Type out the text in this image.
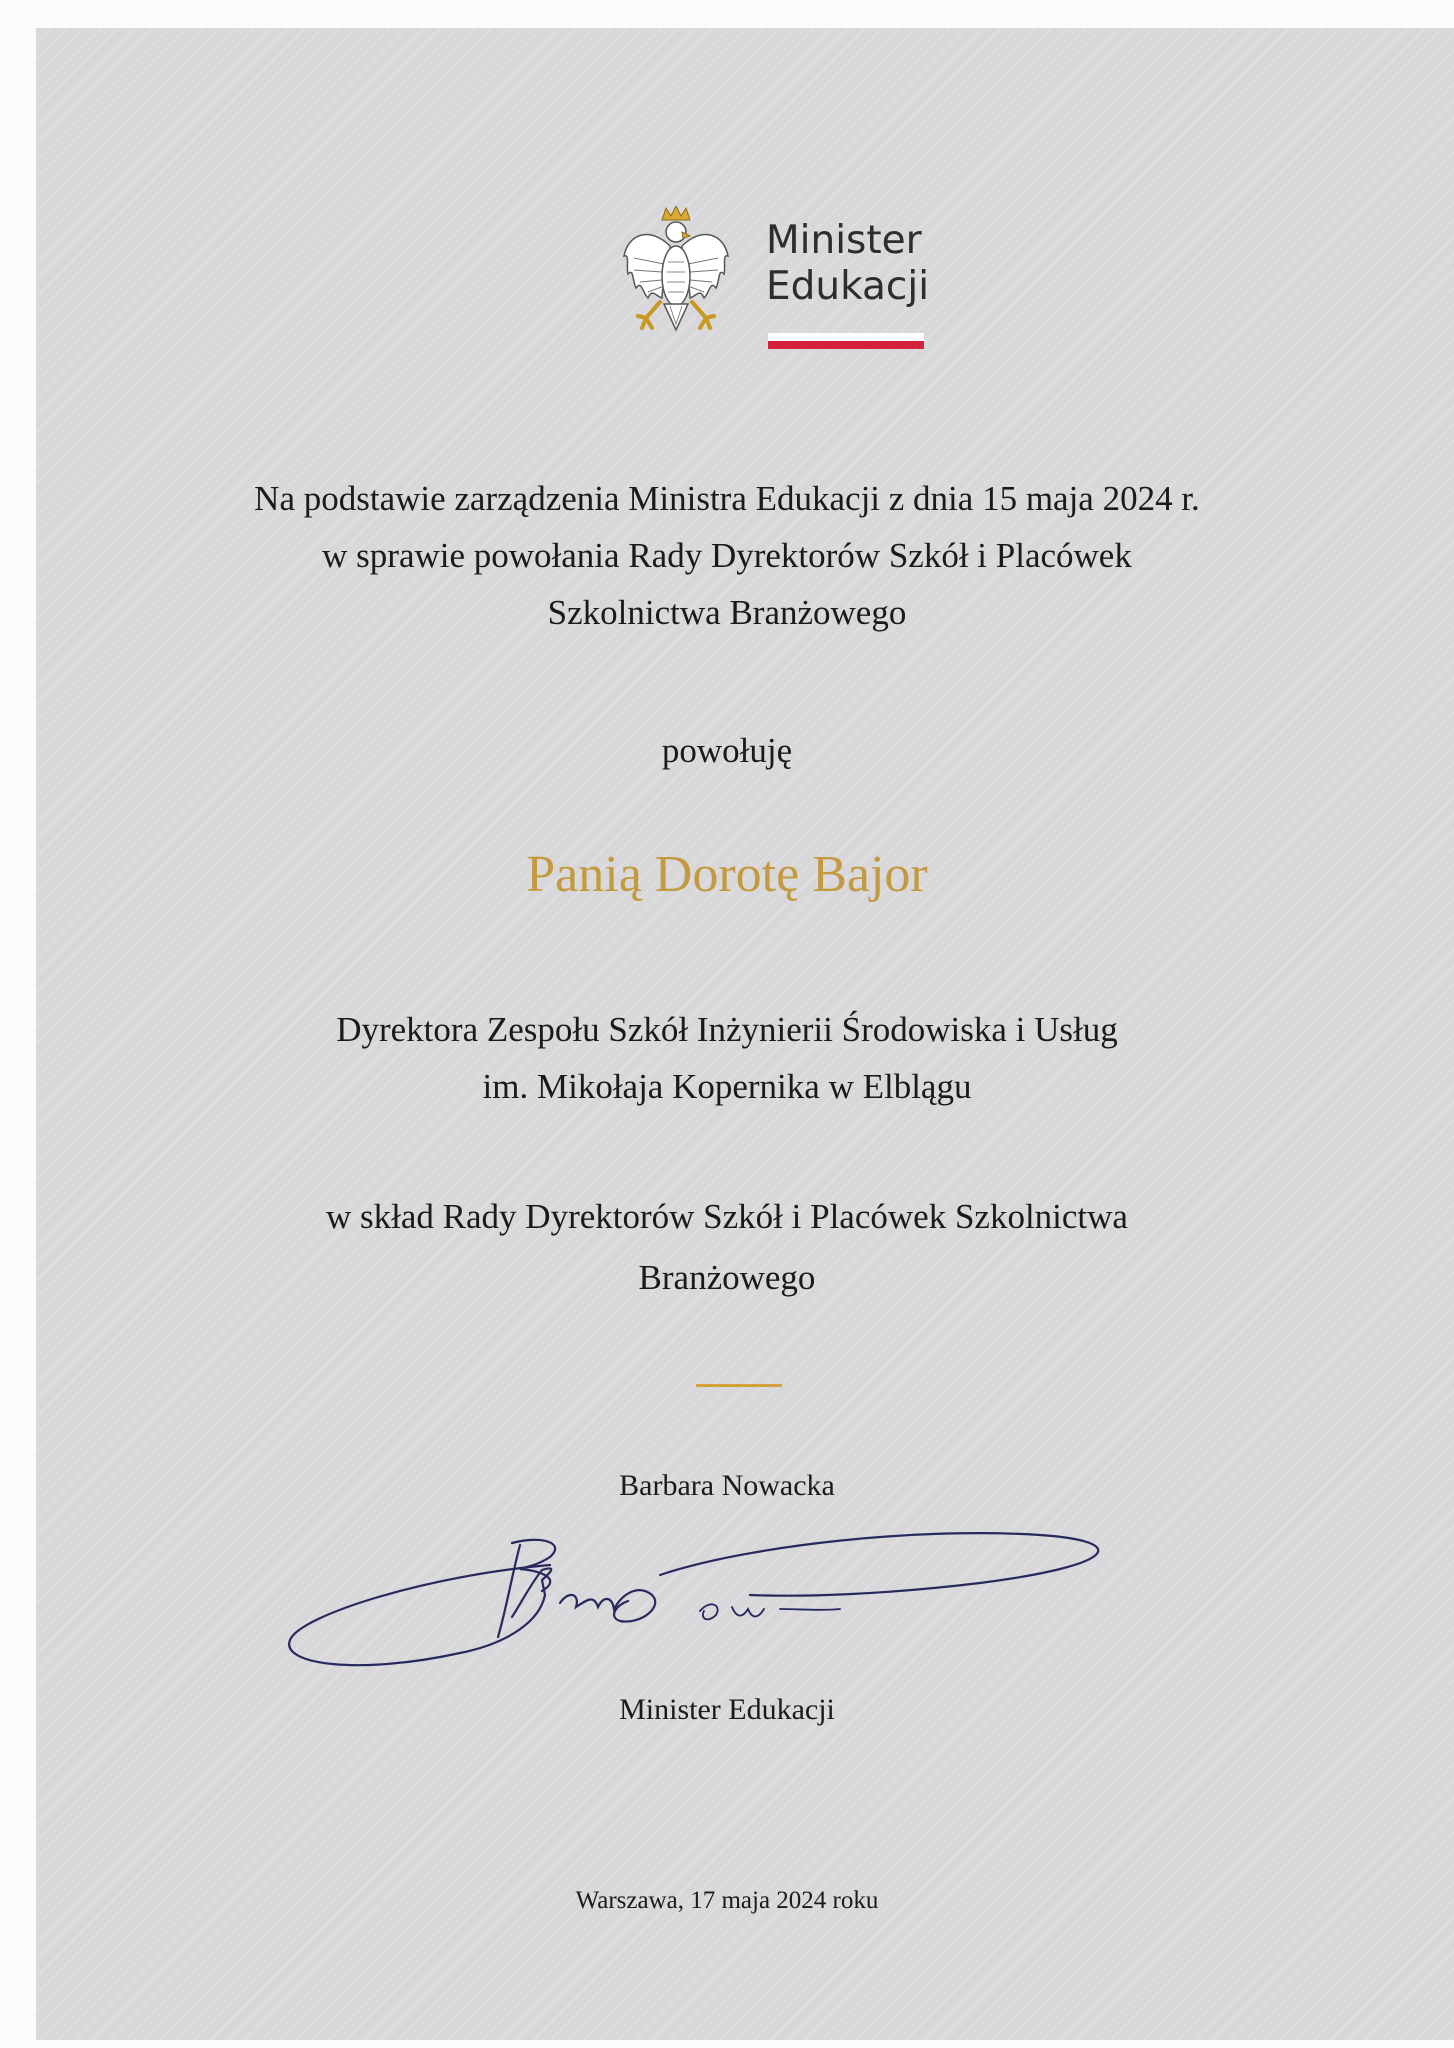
Minister
Edukacji
Na podstawie zarządzenia Ministra Edukacji z dnia 15 maja 2024 r.
w sprawie powołania Rady Dyrektorów Szkół i Placówek
Szkolnictwa Branżowego
powołuję
Panią Dorotę Bajor
Dyrektora Zespołu Szkół Inżynierii Środowiska i Usług
im. Mikołaja Kopernika w Elblągu
w skład Rady Dyrektorów Szkół i Placówek Szkolnictwa
Branżowego
Barbara Nowacka
Minister Edukacji
Warszawa, 17 maja 2024 roku
